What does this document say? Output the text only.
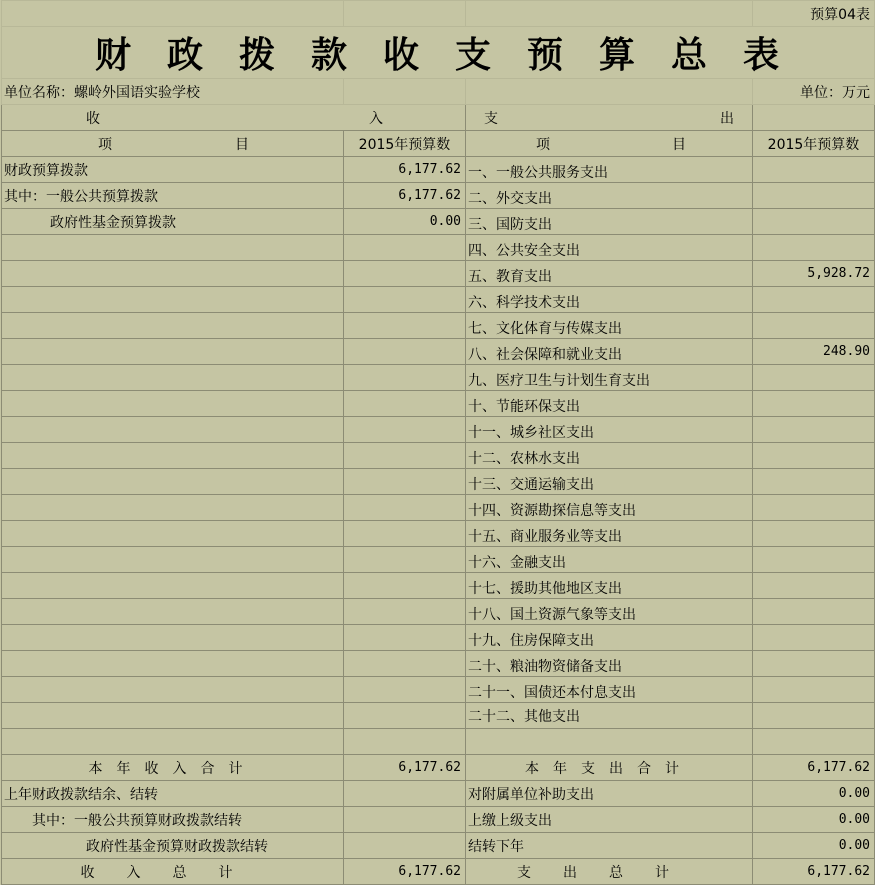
			预算04表
财政拨款收支预算总表			
单位名称：螺岭外国语实验学校			单位：万元

收 入		支 出	

项 目	2015年预算数	项 目	2015年预算数
财政预算拨款	6,177.62	一、一般公共服务支出	
其中：一般公共预算拨款	6,177.62	二、外交支出	
政府性基金预算拨款	0.00	三、国防支出	
		四、公共安全支出	
		五、教育支出	5,928.72
		六、科学技术支出	
		七、文化体育与传媒支出	
		八、社会保障和就业支出	248.90
		九、医疗卫生与计划生育支出	
		十、节能环保支出	
		十一、城乡社区支出	
		十二、农林水支出	
		十三、交通运输支出	
		十四、资源勘探信息等支出	
		十五、商业服务业等支出	
		十六、金融支出	
		十七、援助其他地区支出	
		十八、国土资源气象等支出	
		十九、住房保障支出	
		二十、粮油物资储备支出	
		二十一、国债还本付息支出	
		二十二、其他支出	

本年收入合计	6,177.62	本年支出合计	6,177.62
上年财政拨款结余、结转		对附属单位补助支出	0.00
其中：一般公共预算财政拨款结转		上缴上级支出	0.00
政府性基金预算财政拨款结转		结转下年	0.00
收入总计	6,177.62	支出总计	6,177.62
